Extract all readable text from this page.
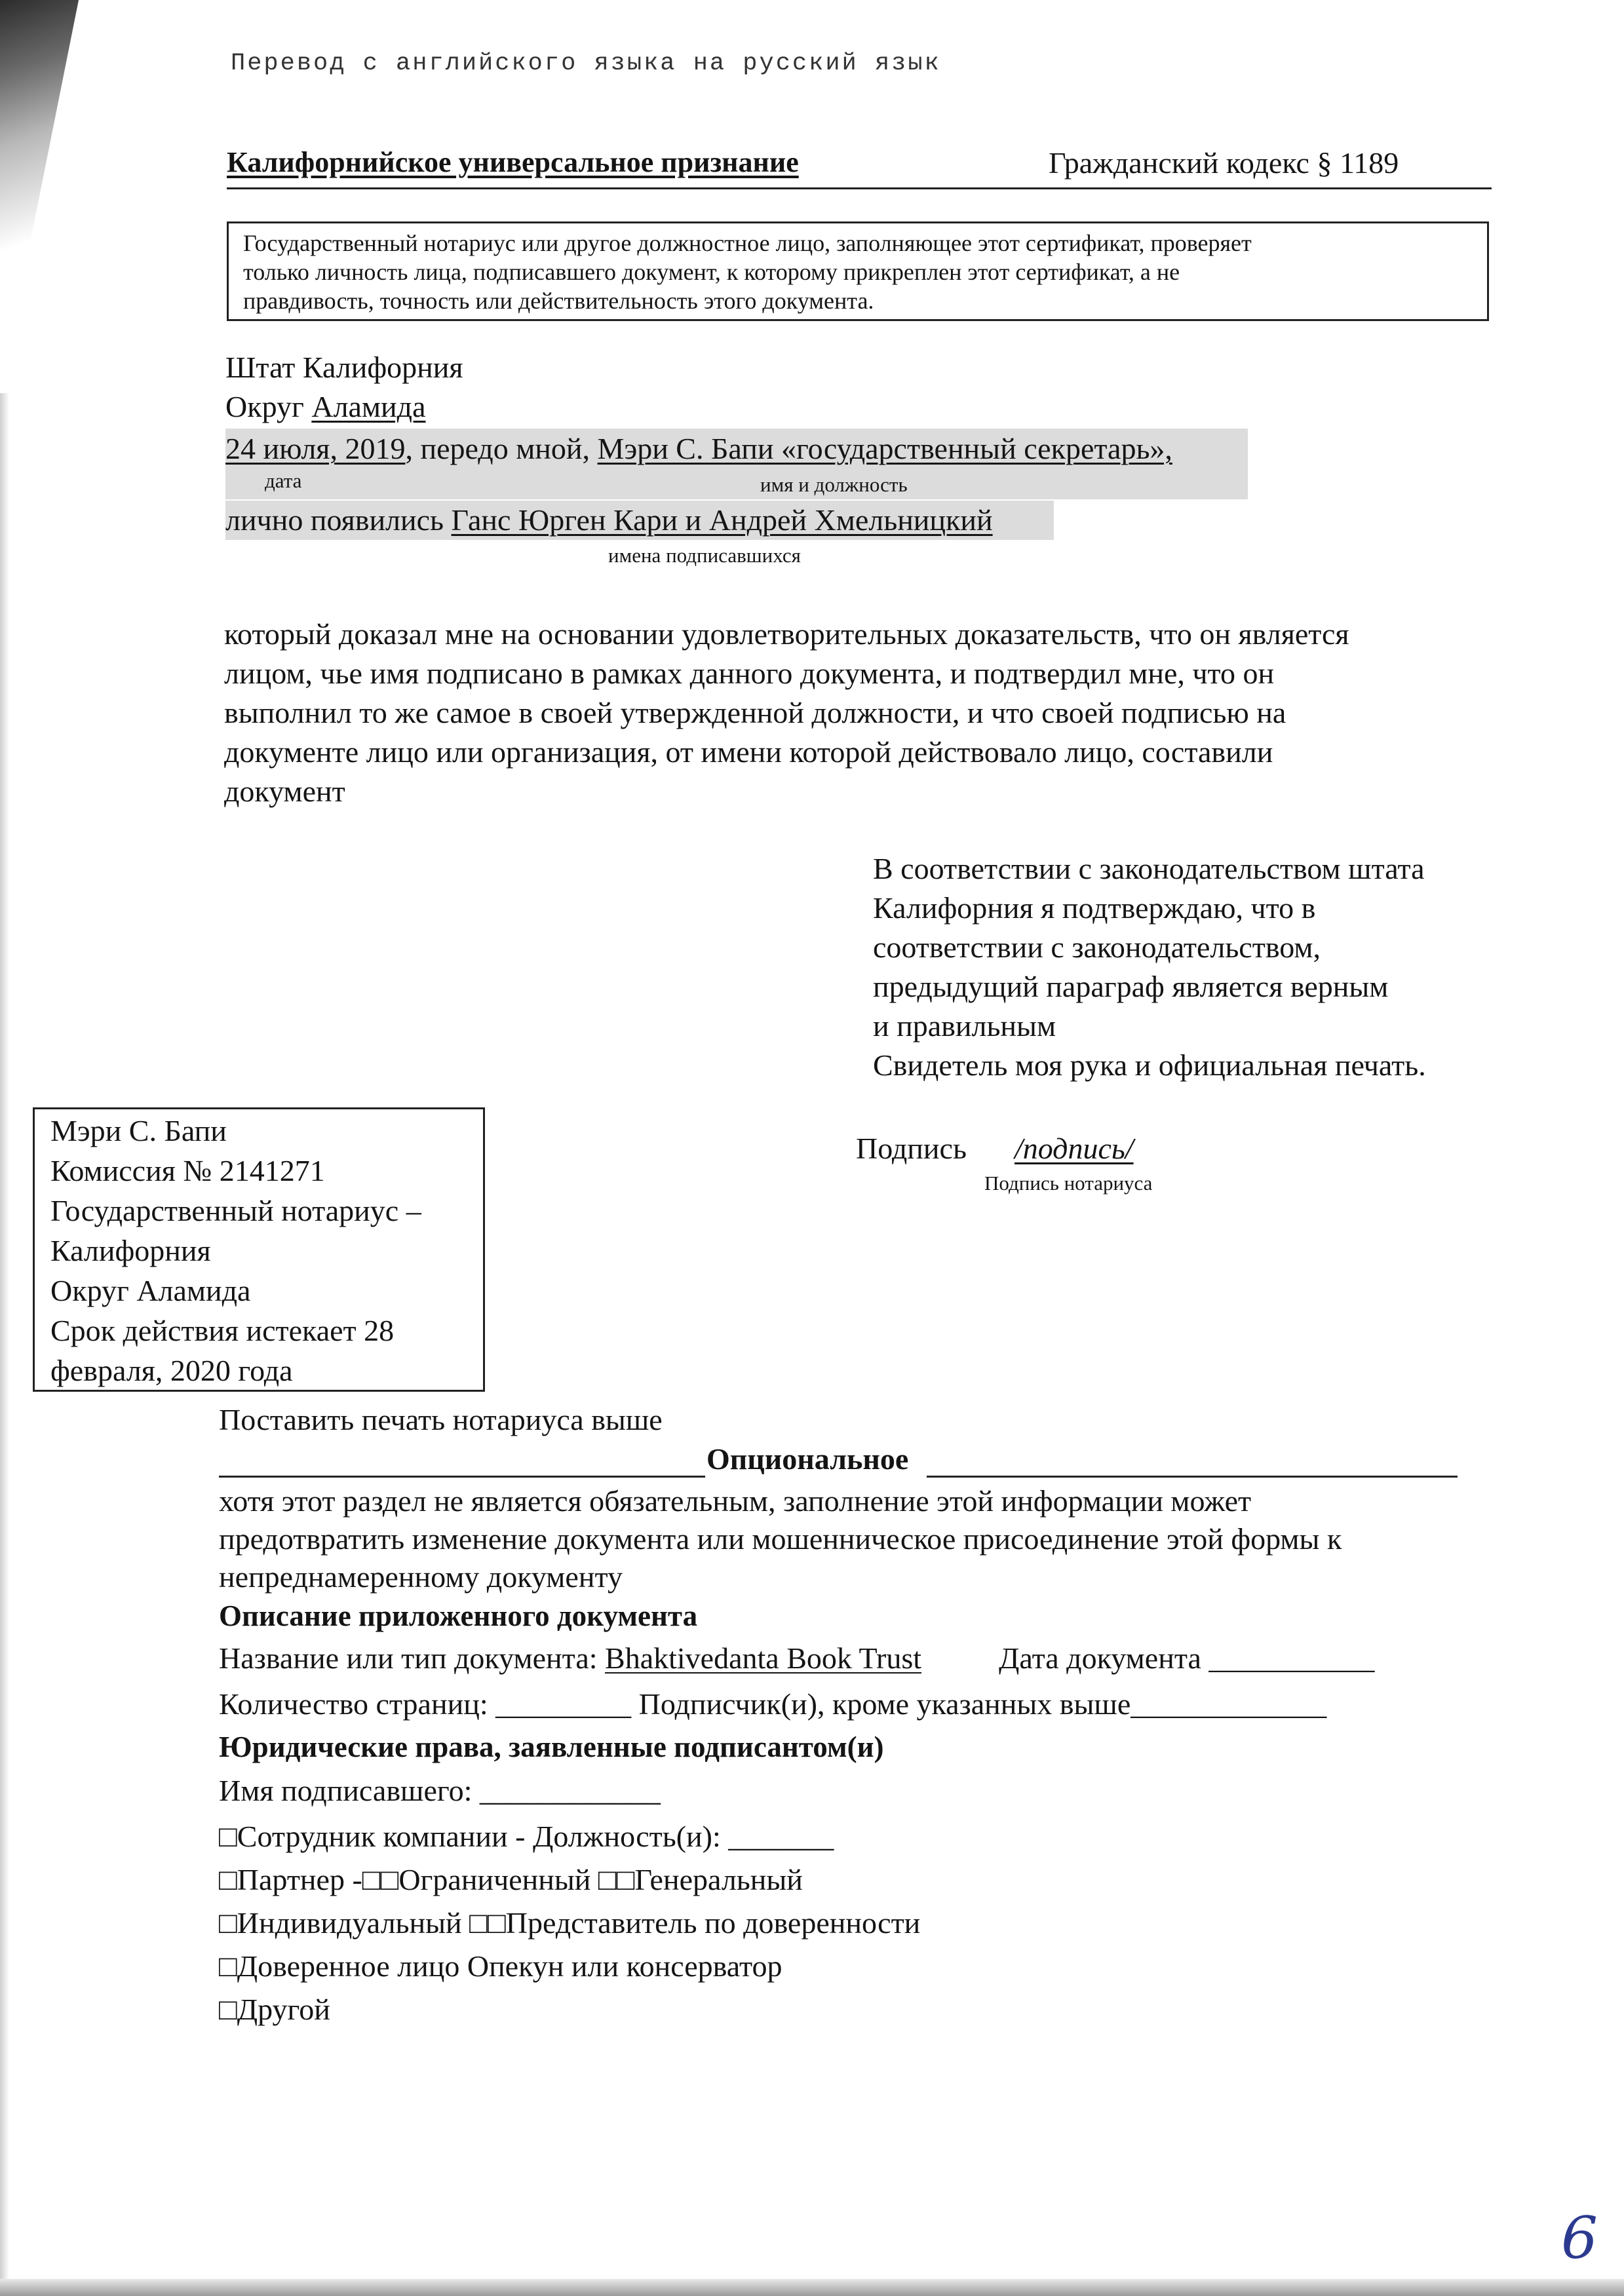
Перевод с английского языка на русский язык
Калифорнийское универсальное признание	Гражданский кодекс § 1189
Государственный нотариус или другое должностное лицо, заполняющее этот сертификат, проверяет
только личность лица, подписавшего документ, к которому прикреплен этот сертификат, а не
правдивость, точность или действительность этого документа.
Штат Калифорния
Округ Аламида
24 июля, 2019, передо мной, Мэри С. Бапи «государственный секретарь»,
дата	имя и должность
лично появились Ганс Юрген Кари и Андрей Хмельницкий
имена подписавшихся
который доказал мне на основании удовлетворительных доказательств, что он является
лицом, чье имя подписано в рамках данного документа, и подтвердил мне, что он
выполнил то же самое в своей утвержденной должности, и что своей подписью на
документе лицо или организация, от имени которой действовало лицо, составили
документ
В соответствии с законодательством штата
Калифорния я подтверждаю, что в
соответствии с законодательством,
предыдущий параграф является верным
и правильным
Свидетель моя рука и официальная печать.
Подпись /подпись/
Подпись нотариуса
Мэри С. Бапи
Комиссия № 2141271
Государственный нотариус –
Калифорния
Округ Аламида
Срок действия истекает 28
февраля, 2020 года
Поставить печать нотариуса выше
Опциональное
хотя этот раздел не является обязательным, заполнение этой информации может
предотвратить изменение документа или мошенническое присоединение этой формы к
непреднамеренному документу
Описание приложенного документа
Название или тип документа: Bhaktivedanta Book Trust	Дата документа ___________
Количество страниц: _________ Подписчик(и), кроме указанных выше_____________
Юридические права, заявленные подписантом(и)
Имя подписавшего: ____________
□Сотрудник компании - Должность(и): _______
□Партнер -□□Ограниченный □□Генеральный
□Индивидуальный □□Представитель по доверенности
□Доверенное лицо Опекун или консерватор
□Другой
6
